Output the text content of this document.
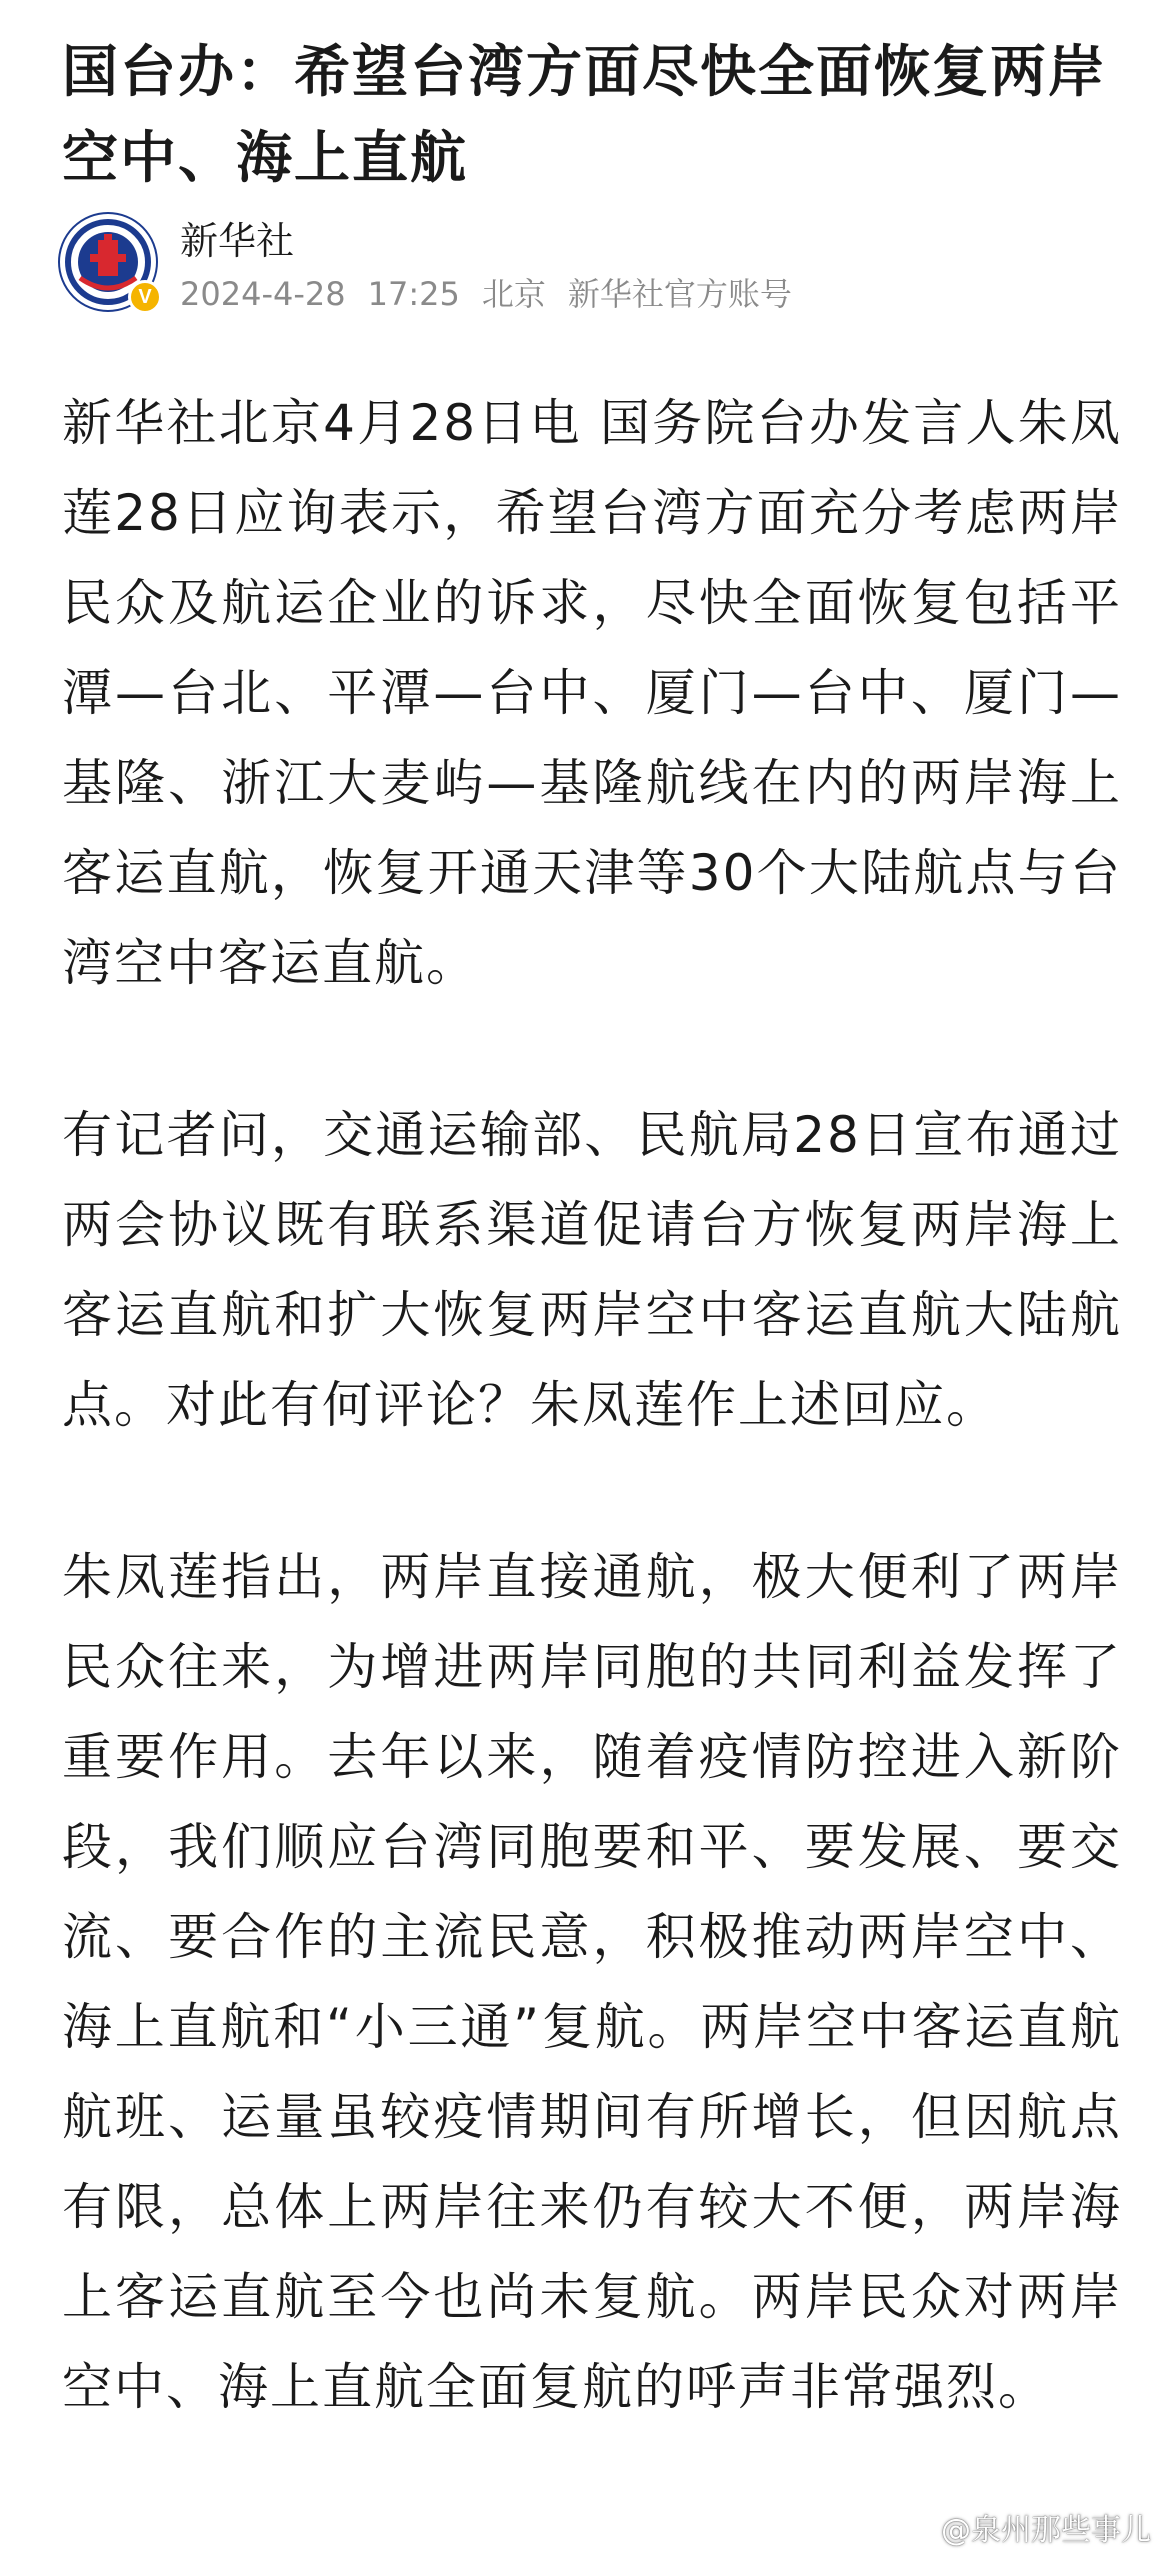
国台办：希望台湾方面尽快全面恢复两岸空中、海上直航
V
新华社
2024-4-28 17:25 北京 新华社官方账号

新华社北京4月28日电 国务院台办发言人朱凤莲28日应询表示，希望台湾方面充分考虑两岸民众及航运企业的诉求，尽快全面恢复包括平潭—台北、平潭—台中、厦门—台中、厦门—基隆、浙江大麦屿—基隆航线在内的两岸海上客运直航，恢复开通天津等30个大陆航点与台湾空中客运直航。

有记者问，交通运输部、民航局28日宣布通过两会协议既有联系渠道促请台方恢复两岸海上客运直航和扩大恢复两岸空中客运直航大陆航点。对此有何评论？朱凤莲作上述回应。

朱凤莲指出，两岸直接通航，极大便利了两岸民众往来，为增进两岸同胞的共同利益发挥了重要作用。去年以来，随着疫情防控进入新阶段，我们顺应台湾同胞要和平、要发展、要交流、要合作的主流民意，积极推动两岸空中、海上直航和“小三通”复航。两岸空中客运直航航班、运量虽较疫情期间有所增长，但因航点有限，总体上两岸往来仍有较大不便，两岸海上客运直航至今也尚未复航。两岸民众对两岸空中、海上直航全面复航的呼声非常强烈。

@泉州那些事儿
